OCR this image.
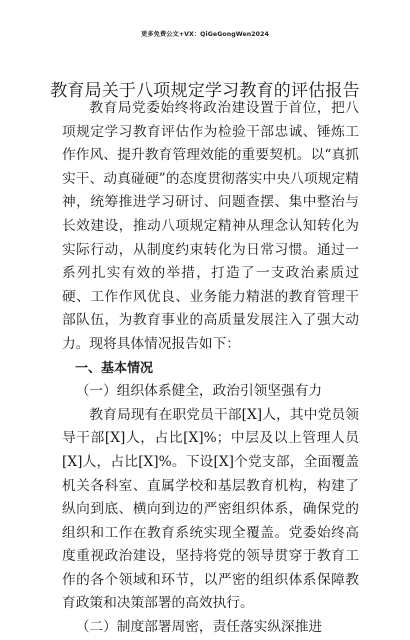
更多免费公文+VX：QiGeGongWen2024
教育局关于八项规定学习教育的评估报告

教育局党委始终将政治建设置于首位，把八项规定学习教育评估作为检验干部忠诚、锤炼工作作风、提升教育管理效能的重要契机。以“真抓实干、动真碰硬”的态度贯彻落实中央八项规定精神，统筹推进学习研讨、问题查摆、集中整治与长效建设，推动八项规定精神从理念认知转化为实际行动，从制度约束转化为日常习惯。通过一系列扎实有效的举措，打造了一支政治素质过硬、工作作风优良、业务能力精湛的教育管理干部队伍，为教育事业的高质量发展注入了强大动力。现将具体情况报告如下：

一、基本情况

（一）组织体系健全，政治引领坚强有力

教育局现有在职党员干部[X]人，其中党员领导干部[X]人，占比[X]%；中层及以上管理人员[X]人，占比[X]%。下设[X]个党支部，全面覆盖机关各科室、直属学校和基层教育机构，构建了纵向到底、横向到边的严密组织体系，确保党的组织和工作在教育系统实现全覆盖。党委始终高度重视政治建设，坚持将党的领导贯穿于教育工作的各个领域和环节，以严密的组织体系保障教育政策和决策部署的高效执行。

（二）制度部署周密，责任落实纵深推进
